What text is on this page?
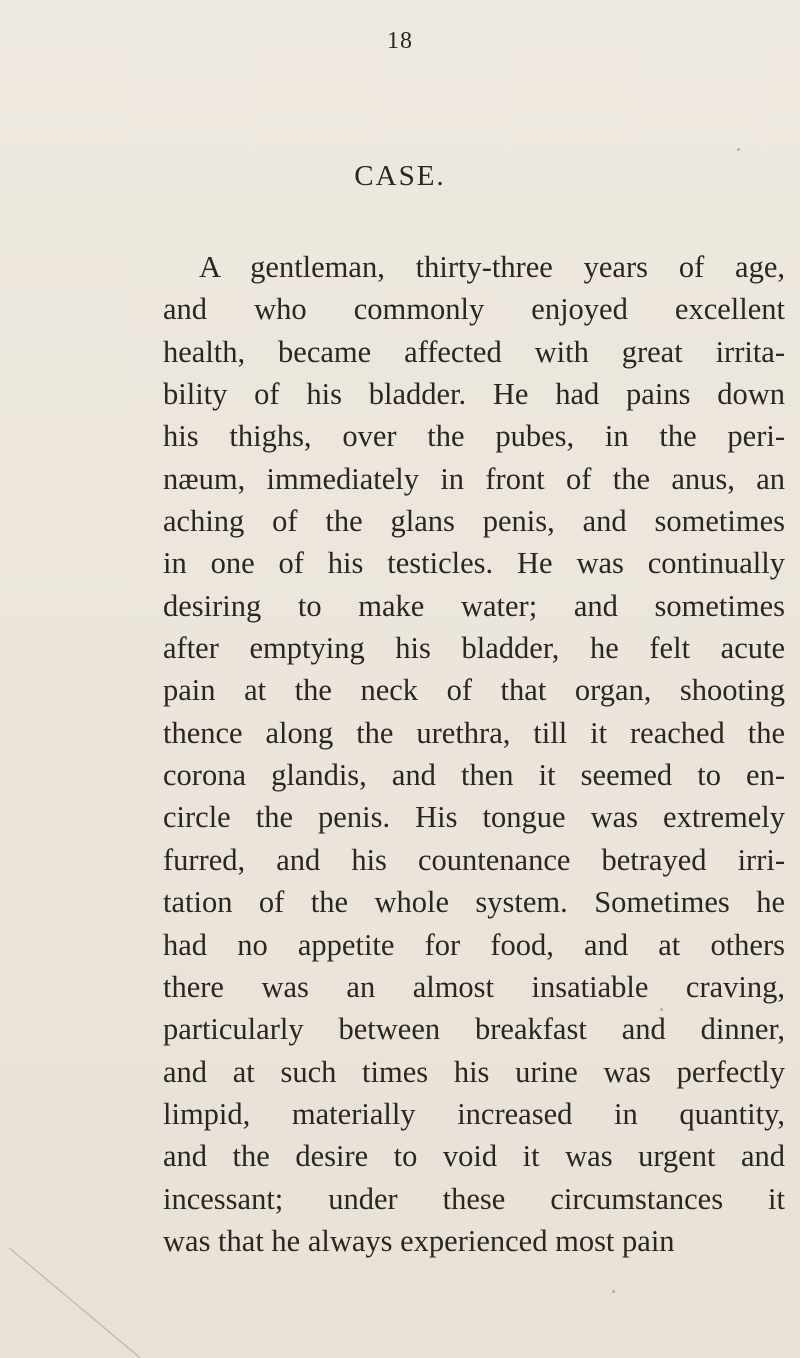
18
CASE.
A gentleman, thirty-three years of age,
and who commonly enjoyed excellent
health, became affected with great irrita-
bility of his bladder. He had pains down
his thighs, over the pubes, in the peri-
næum, immediately in front of the anus, an
aching of the glans penis, and sometimes
in one of his testicles. He was continually
desiring to make water; and sometimes
after emptying his bladder, he felt acute
pain at the neck of that organ, shooting
thence along the urethra, till it reached the
corona glandis, and then it seemed to en-
circle the penis. His tongue was extremely
furred, and his countenance betrayed irri-
tation of the whole system. Sometimes he
had no appetite for food, and at others
there was an almost insatiable craving,
particularly between breakfast and dinner,
and at such times his urine was perfectly
limpid, materially increased in quantity,
and the desire to void it was urgent and
incessant; under these circumstances it
was that he always experienced most pain
